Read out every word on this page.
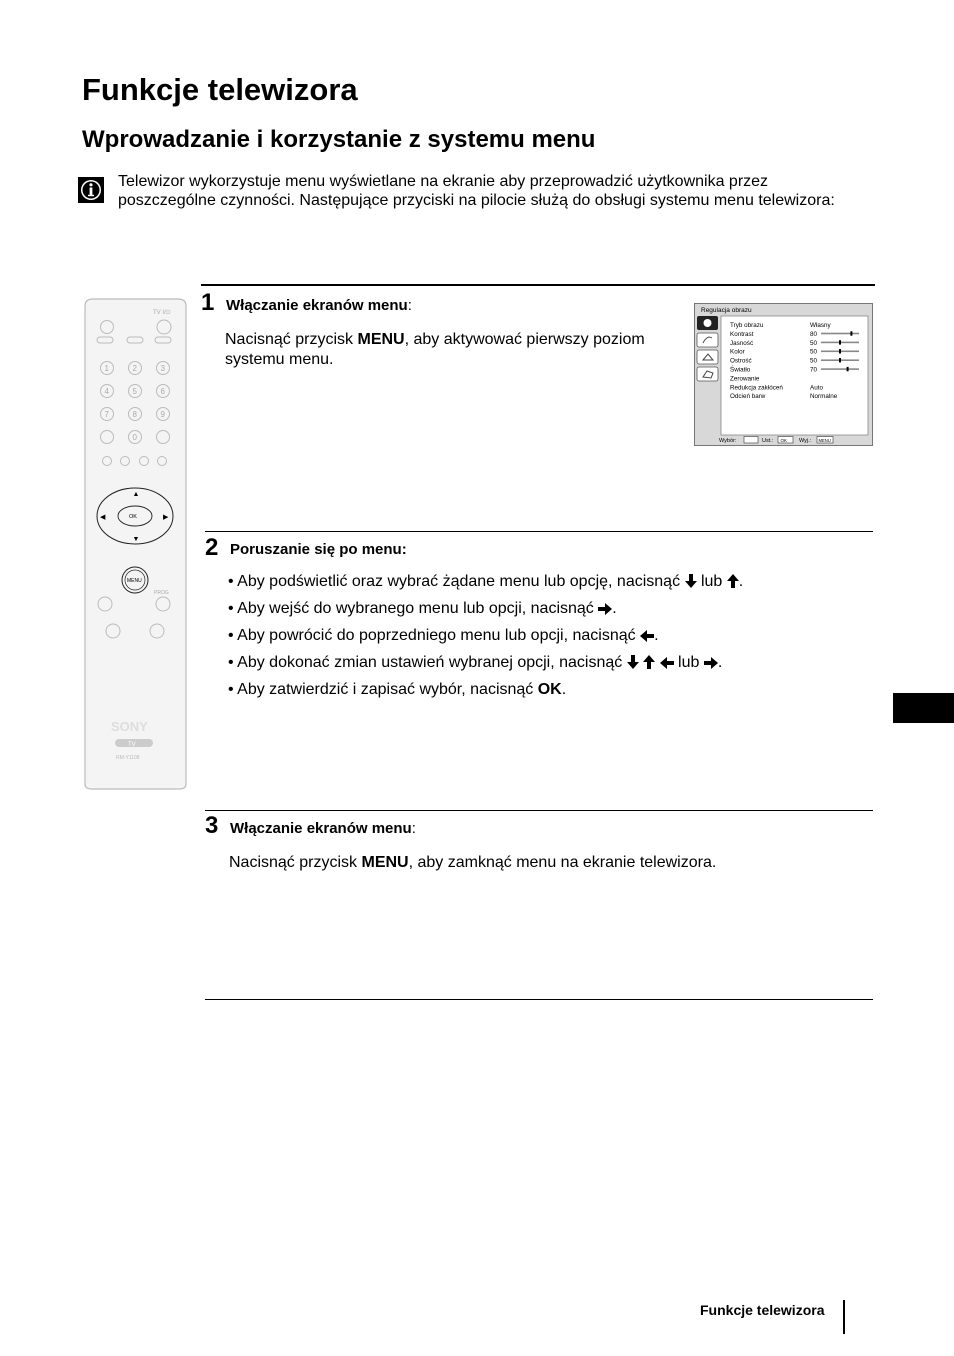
Funkcje telewizora
Wprowadzanie i korzystanie z systemu menu
Telewizor wykorzystuje menu wyświetlane na ekranie aby przeprowadzić użytkownika przez poszczególne czynności. Następujące przyciski na pilocie służą do obsługi systemu menu telewizora:
1 Włączanie ekranów menu:
Nacisnąć przycisk MENU, aby aktywować pierwszy poziom systemu menu.
Regulacja obrazu
Tryb obrazu	Własny
Kontrast	80
Jasność	50
Kolor	50
Ostrość	50
Światło	70
Zerowanie
Redukcja zakłóceń	Auto
Odcień barw	Normalne
Wybór:	Ust.: OK Wyj.: MENU
TV I/⏻
1	2	3
4	5	6
7	8	9
0
OK
▲
▼
◀	▶
MENU
PROG
SONY
TV
RM-Y1108
2 Poruszanie się po menu:
• Aby podświetlić oraz wybrać żądane menu lub opcję, nacisnąć  lub .
• Aby wejść do wybranego menu lub opcji, nacisnąć .
• Aby powrócić do poprzedniego menu lub opcji, nacisnąć .
• Aby dokonać zmian ustawień wybranej opcji, nacisnąć	lub .
• Aby zatwierdzić i zapisać wybór, nacisnąć OK.
3 Włączanie ekranów menu:
Nacisnąć przycisk MENU, aby zamknąć menu na ekranie telewizora.
Funkcje telewizora
